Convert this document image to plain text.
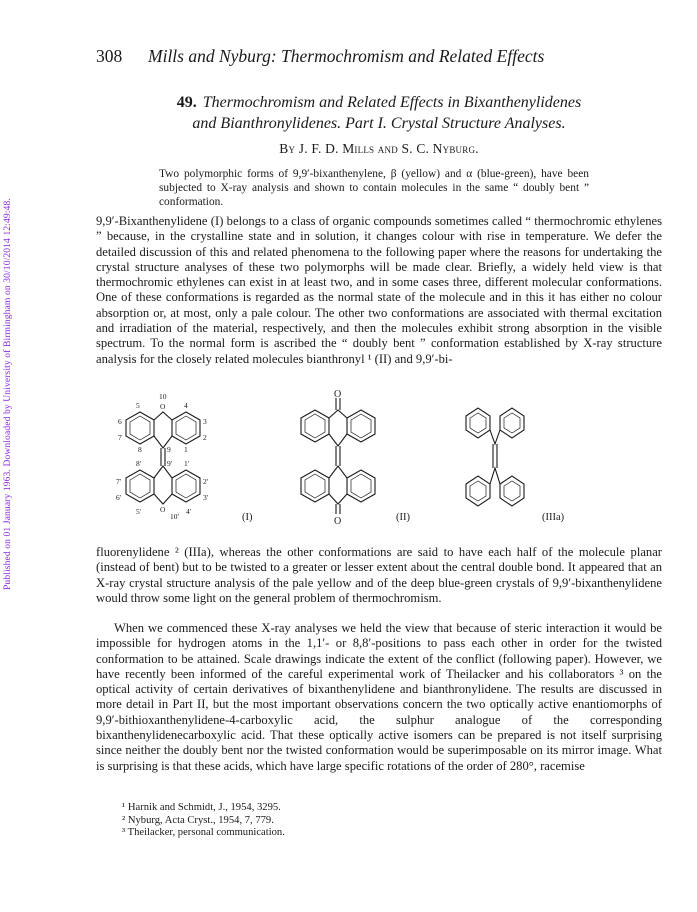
Published on 01 January 1963. Downloaded by University of Birmingham on 30/10/2014 12:49:48.
308 Mills and Nyburg: Thermochromism and Related Effects
49. Thermochromism and Related Effects in Bixanthenylidenes
and Bianthronylidenes. Part I. Crystal Structure Analyses.
By J. F. D. Mills and S. C. Nyburg.
Two polymorphic forms of 9,9′-bixanthenylene, β (yellow) and α (blue-green), have been subjected to X-ray analysis and shown to contain molecules in the same “ doubly bent ” conformation.
9,9′-Bixanthenylidene (I) belongs to a class of organic compounds sometimes called “ thermochromic ethylenes ” because, in the crystalline state and in solution, it changes colour with rise in temperature. We defer the detailed discussion of this and related phenomena to the following paper where the reasons for undertaking the crystal structure analyses of these two polymorphs will be made clear. Briefly, a widely held view is that thermochromic ethylenes can exist in at least two, and in some cases three, different molecular conformations. One of these conformations is regarded as the normal state of the molecule and in this it has either no colour absorption or, at most, only a pale colour. The other two conformations are associated with thermal excitation and irradiation of the material, respectively, and then the molecules exhibit strong absorption in the visible spectrum. To the normal form is ascribed the “ doubly bent ” conformation established by X-ray structure analysis for the closely related molecules bianthronyl ¹ (II) and 9,9′-bi-
O
O
O
O
5
10
4
6	3
7	2
8	9 1
8′	9′ 1′
7′	2′
6′	3′
5′
10′
4′
(I)	(II)	(IIIa)
fluorenylidene ² (IIIa), whereas the other conformations are said to have each half of the molecule planar (instead of bent) but to be twisted to a greater or lesser extent about the central double bond. It appeared that an X-ray crystal structure analysis of the pale yellow and of the deep blue-green crystals of 9,9′-bixanthenylidene would throw some light on the general problem of thermochromism.
When we commenced these X-ray analyses we held the view that because of steric interaction it would be impossible for hydrogen atoms in the 1,1′- or 8,8′-positions to pass each other in order for the twisted conformation to be attained. Scale drawings indicate the extent of the conflict (following paper). However, we have recently been informed of the careful experimental work of Theilacker and his collaborators ³ on the optical activity of certain derivatives of bixanthenylidene and bianthronylidene. The results are discussed in more detail in Part II, but the most important observations concern the two optically active enantiomorphs of 9,9′-bithioxanthenylidene-4-carboxylic acid, the sulphur analogue of the corresponding bixanthenylidenecarboxylic acid. That these optically active isomers can be prepared is not itself surprising since neither the doubly bent nor the twisted conformation would be superimposable on its mirror image. What is surprising is that these acids, which have large specific rotations of the order of 280°, racemise
¹ Harnik and Schmidt, J., 1954, 3295.
² Nyburg, Acta Cryst., 1954, 7, 779.
³ Theilacker, personal communication.
